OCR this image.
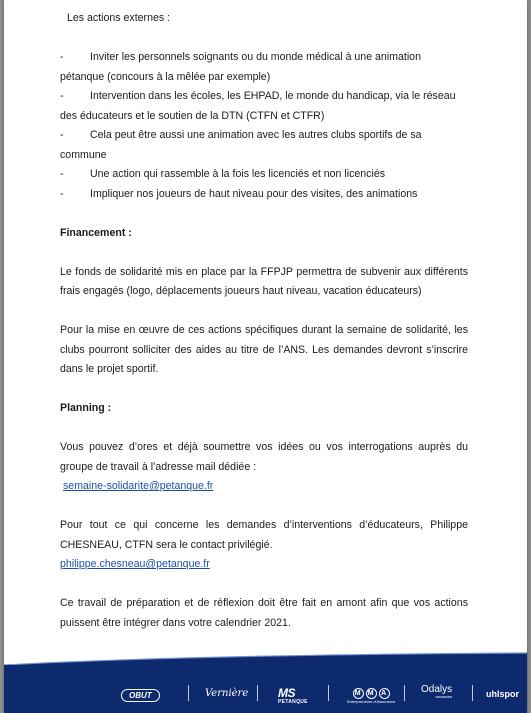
Les actions externes :
- Inviter les personnels soignants ou du monde médical à une animation pétanque (concours à la mêlée par exemple)
- Intervention dans les écoles, les EHPAD, le monde du handicap, via le réseau des éducateurs et le soutien de la DTN (CTFN et CTFR)
- Cela peut être aussi une animation avec les autres clubs sportifs de sa commune
- Une action qui rassemble à la fois les licenciés et non licenciés
- Impliquer nos joueurs de haut niveau pour des visites, des animations
Financement :
Le fonds de solidarité mis en place par la FFPJP permettra de subvenir aux différents frais engagés (logo, déplacements joueurs haut niveau, vacation éducateurs)
Pour la mise en œuvre de ces actions spécifiques durant la semaine de solidarité, les clubs pourront solliciter des aides au titre de l’ANS. Les demandes devront s’inscrire dans le projet sportif.
Planning :
Vous pouvez d’ores et déjà soumettre vos idées ou vos interrogations auprès du groupe de travail à l’adresse mail dédiée :
semaine-solidarite@petanque.fr
Pour tout ce qui concerne les demandes d’interventions d’éducateurs, Philippe CHESNEAU, CTFN sera le contact privilégié.
philippe.chesneau@petanque.fr
Ce travail de préparation et de réflexion doit être fait en amont afin que vos actions puissent être intégrer dans votre calendrier 2021.
OBUT	Vernière MS
PETANQUE
M M A
Entrepreneurs d'Assurance
Odalys
vacances	uhlspor
